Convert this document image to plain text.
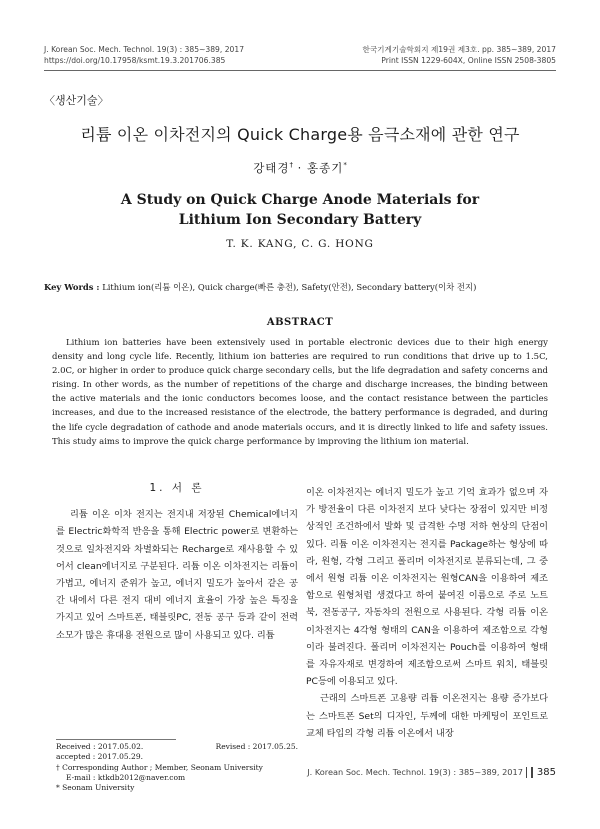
J. Korean Soc. Mech. Technol. 19(3) : 385~389, 2017
https://doi.org/10.17958/ksmt.19.3.201706.385
한국기계기술학회지 제19권 제3호. pp. 385~389, 2017
Print ISSN 1229-604X, Online ISSN 2508-3805
〈생산기술〉
리튬 이온 이차전지의 Quick Charge용 음극소재에 관한 연구
강태경† · 홍종기*
A Study on Quick Charge Anode Materials for
Lithium Ion Secondary Battery
T. K. KANG, C. G. HONG
Key Words : Lithium ion(리튬 이온), Quick charge(빠른 충전), Safety(안전), Secondary battery(이차 전지)
ABSTRACT

Lithium ion batteries have been extensively used in portable electronic devices due to their high energy density and long cycle life. Recently, lithium ion batteries are required to run conditions that drive up to 1.5C, 2.0C, or higher in order to produce quick charge secondary cells, but the life degradation and safety concerns and rising. In other words, as the number of repetitions of the charge and discharge increases, the binding between the active materials and the ionic conductors becomes loose, and the contact resistance between the particles increases, and due to the increased resistance of the electrode, the battery performance is degraded, and during the life cycle degradation of cathode and anode materials occurs, and it is directly linked to life and safety issues. This study aims to improve the quick charge performance by improving the lithium ion material.

1. 서 론

리튬 이온 이차 전지는 전지내 저장된 Chemical에너지를 Electric화학적 반응을 통해 Electric power로 변환하는 것으로 일차전지와 차별화되는 Recharge로 재사용할 수 있어서 clean에너지로 구분된다. 리튬 이온 이차전지는 리튬이 가볍고, 에너지 준위가 높고, 에너지 밀도가 높아서 같은 공간 내에서 다른 전지 대비 에너지 효율이 가장 높은 특징을 가지고 있어 스마트폰, 태블릿PC, 전동 공구 등과 같이 전력 소모가 많은 휴대용 전원으로 많이 사용되고 있다. 리튬

이온 이차전지는 에너지 밀도가 높고 기억 효과가 없으며 자가 방전율이 다른 이차전지 보다 낮다는 장점이 있지만 비정상적인 조건하에서 발화 및 급격한 수명 저하 현상의 단점이 있다. 리튬 이온 이차전지는 전지를 Package하는 형상에 따라, 원형, 각형 그리고 폴리머 이차전지로 분류되는데, 그 중에서 원형 리튬 이온 이차전지는 원형CAN을 이용하여 제조함으로 원형처럼 생겼다고 하여 붙여진 이름으로 주로 노트북, 전동공구, 자동차의 전원으로 사용된다. 각형 리튬 이온 이차전지는 4각형 형태의 CAN을 이용하여 제조함으로 각형이라 불려진다. 폴리머 이차전지는 Pouch를 이용하여 형태를 자유자재로 변경하여 제조함으로써 스마트 워치, 태블릿PC등에 이용되고 있다.

근래의 스마트폰 고용량 리튬 이온전지는 용량 증가보다는 스마트폰 Set의 디자인, 두께에 대한 마케팅이 포인트로 교체 타입의 각형 리튬 이온에서 내장

Received : 2017.05.02.	Revised : 2017.05.25.
accepted : 2017.05.29.
† Corresponding Author ; Member, Seonam University
E-mail : ktkdb2012@naver.com
* Seonam University
J. Korean Soc. Mech. Technol. 19(3) : 385~389, 2017 385
